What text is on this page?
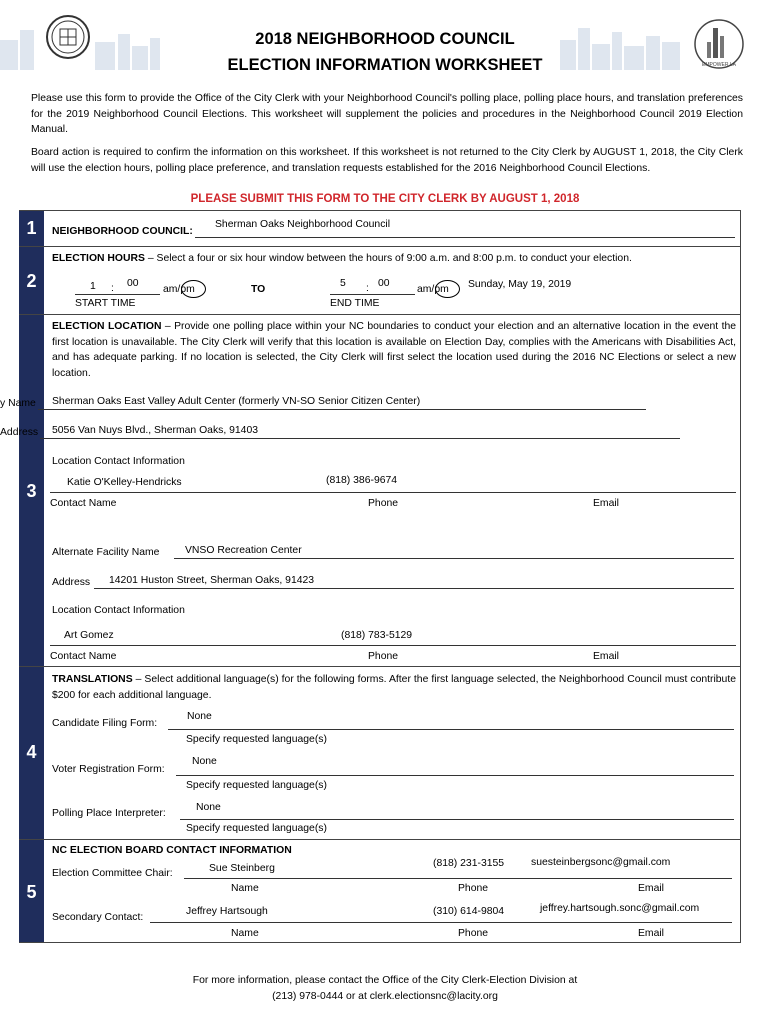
EMPOWER LA
2018 NEIGHBORHOOD COUNCIL
ELECTION INFORMATION WORKSHEET
Please use this form to provide the Office of the City Clerk with your Neighborhood Council's polling place, polling place hours, and translation preferences for the 2019 Neighborhood Council Elections. This worksheet will supplement the policies and procedures in the Neighborhood Council 2019 Election Manual.
Board action is required to confirm the information on this worksheet. If this worksheet is not returned to the City Clerk by AUGUST 1, 2018, the City Clerk will use the election hours, polling place preference, and translation requests established for the 2016 Neighborhood Council Elections.
PLEASE SUBMIT THIS FORM TO THE CITY CLERK BY AUGUST 1, 2018
1
2
3
4
5
NEIGHBORHOOD COUNCIL:
Sherman Oaks Neighborhood Council
ELECTION HOURS – Select a four or six hour window between the hours of 9:00 a.m. and 8:00 p.m. to conduct your election.
1 : 00
am/pm
START TIME
TO
5 : 00
am/pm
END TIME
Sunday, May 19, 2019
ELECTION LOCATION – Provide one polling place within your NC boundaries to conduct your election and an alternative location in the event the first location is unavailable. The City Clerk will verify that this location is available on Election Day, complies with the Americans with Disabilities Act, and has adequate parking. If no location is selected, the City Clerk will first select the location used during the 2016 NC Elections or select a new location.
y Name Sherman Oaks East Valley Adult Center (formerly VN-SO Senior Citizen Center)
Address 5056 Van Nuys Blvd., Sherman Oaks, 91403
Location Contact Information
Katie O'Kelley-Hendricks	(818) 386-9674
Contact Name	Phone	Email
Alternate Facility Name VNSO Recreation Center
Address 14201 Huston Street, Sherman Oaks, 91423
Location Contact Information
Art Gomez	(818) 783-5129
Contact Name	Phone	Email
TRANSLATIONS – Select additional language(s) for the following forms. After the first language selected, the Neighborhood Council must contribute $200 for each additional language.
Candidate Filing Form:
None
Specify requested language(s)
Voter Registration Form:
None
Specify requested language(s)
Polling Place Interpreter:
None
Specify requested language(s)
NC ELECTION BOARD CONTACT INFORMATION
Election Committee Chair:	Sue Steinberg	(818) 231-3155	suesteinbergsonc@gmail.com
Name	Phone	Email
Secondary Contact:
Jeffrey Hartsough	(310) 614-9804	jeffrey.hartsough.sonc@gmail.com
Name	Phone	Email
For more information, please contact the Office of the City Clerk-Election Division at
(213) 978-0444 or at clerk.electionsnc@lacity.org
